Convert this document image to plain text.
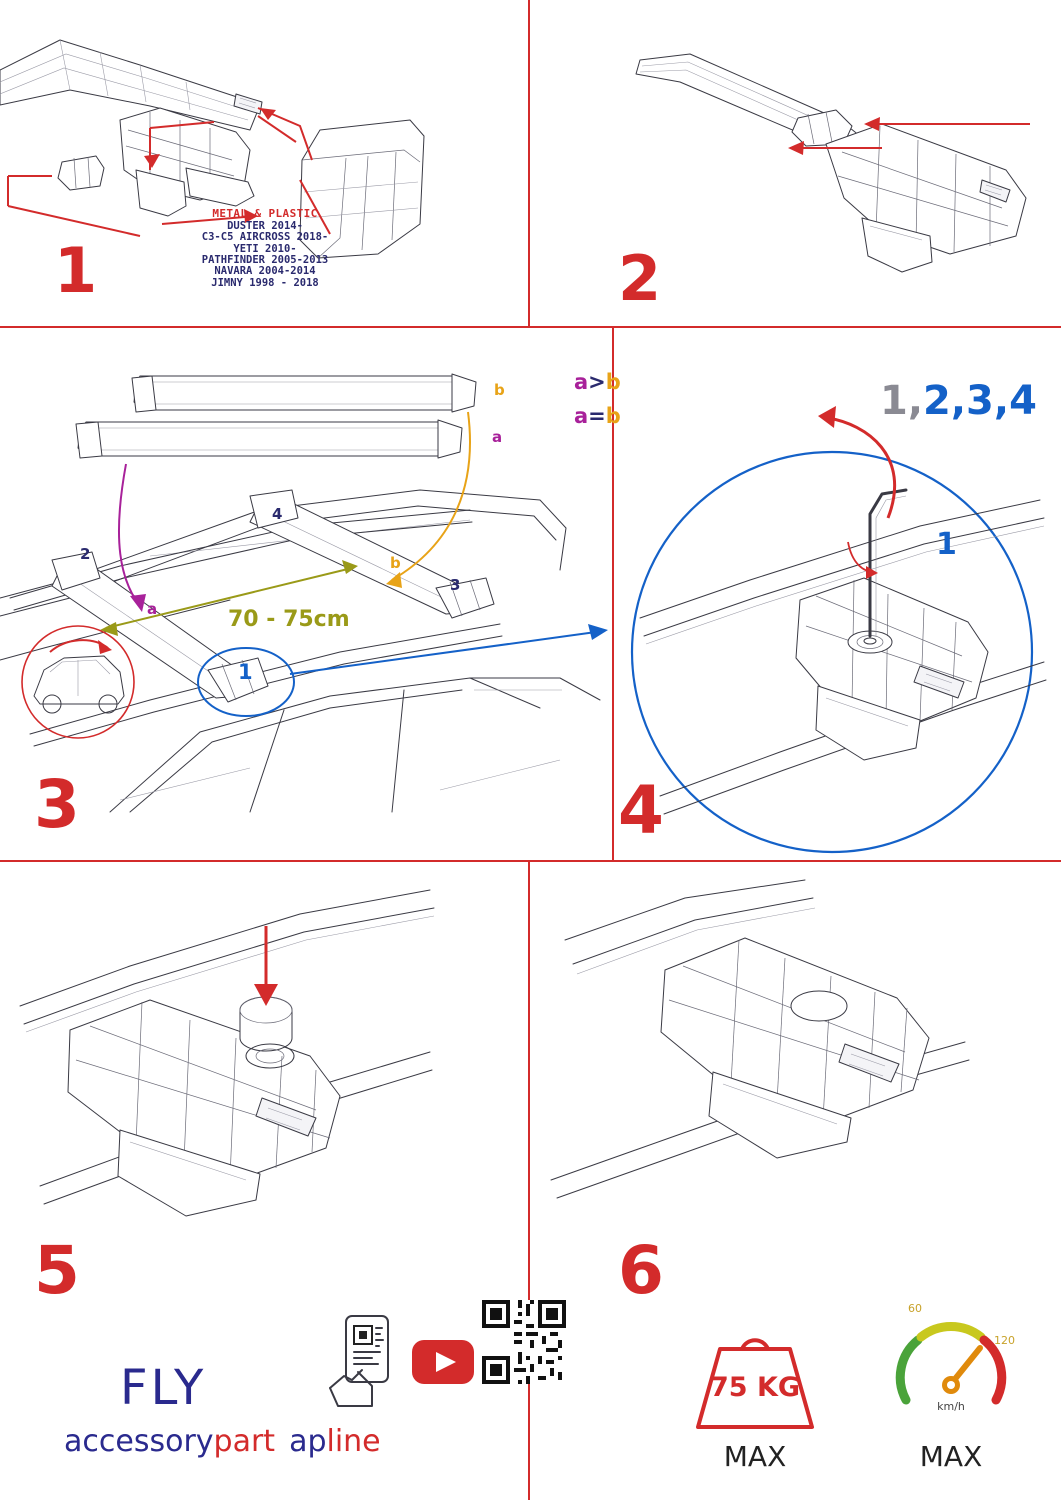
METAL & PLASTIC
DUSTER 2014-
C3-C5 AIRCROSS 2018-
YETI 2010-
PATHFINDER 2005-2013
NAVARA 2004-2014
JIMNY 1998 - 2018
1	2
b
a
a
b
70 - 75cm
2
4
3
1
a>b
a=b
3
1,2,3,4
1
4
5
FLY
accessorypart apline
6
75 KG
MAX
60
120
km/h
MAX
